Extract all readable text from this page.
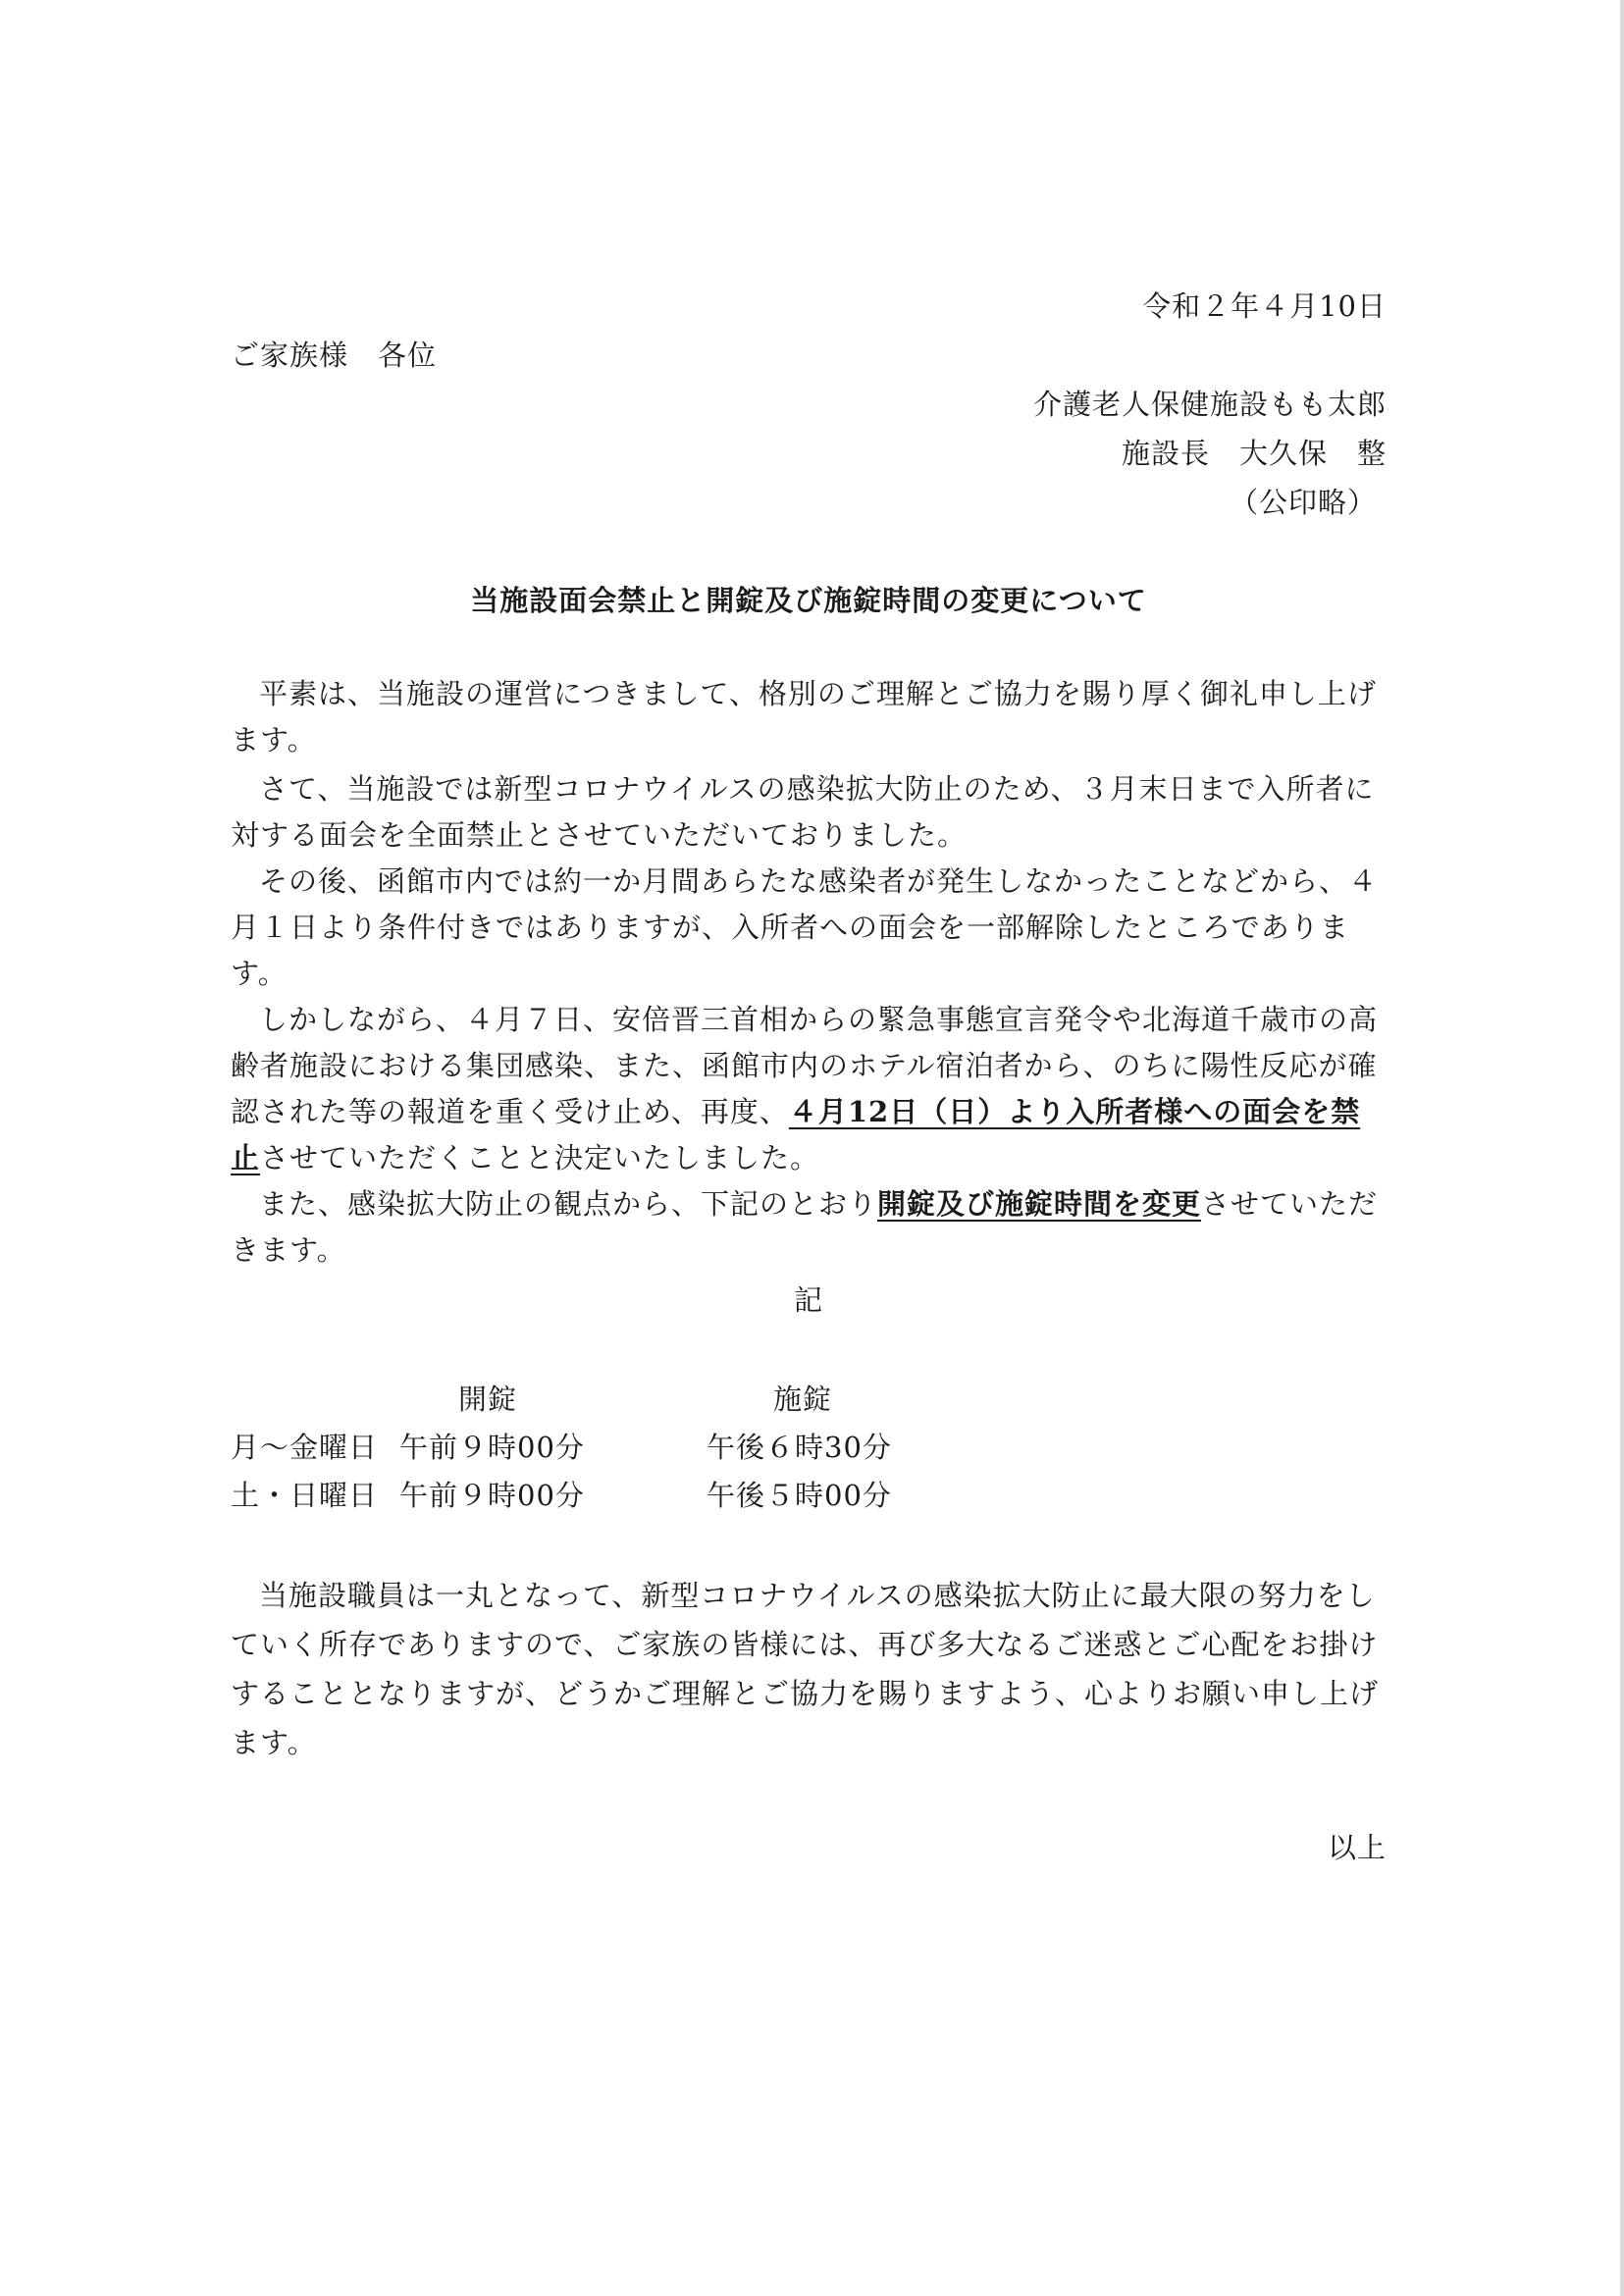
令和２年４月10日
ご家族様　各位
介護老人保健施設もも太郎
施設長　大久保　整
（公印略）
当施設面会禁止と開錠及び施錠時間の変更について

平素は、当施設の運営につきまして、格別のご理解とご協力を賜り厚く御礼申し上げます。

さて、当施設では新型コロナウイルスの感染拡大防止のため、３月末日まで入所者に対する面会を全面禁止とさせていただいておりました。

その後、函館市内では約一か月間あらたな感染者が発生しなかったことなどから、４月１日より条件付きではありますが、入所者への面会を一部解除したところであります。

しかしながら、４月７日、安倍晋三首相からの緊急事態宣言発令や北海道千歳市の高齢者施設における集団感染、また、函館市内のホテル宿泊者から、のちに陽性反応が確認された等の報道を重く受け止め、再度、４月12日（日）より入所者様への面会を禁止させていただくことと決定いたしました。

また、感染拡大防止の観点から、下記のとおり開錠及び施錠時間を変更させていただきます。

記
	開錠	施錠
月～金曜日	午前９時00分	午後６時30分
土・日曜日	午前９時00分	午後５時00分

当施設職員は一丸となって、新型コロナウイルスの感染拡大防止に最大限の努力をしていく所存でありますので、ご家族の皆様には、再び多大なるご迷惑とご心配をお掛けすることとなりますが、どうかご理解とご協力を賜りますよう、心よりお願い申し上げます。

以上
